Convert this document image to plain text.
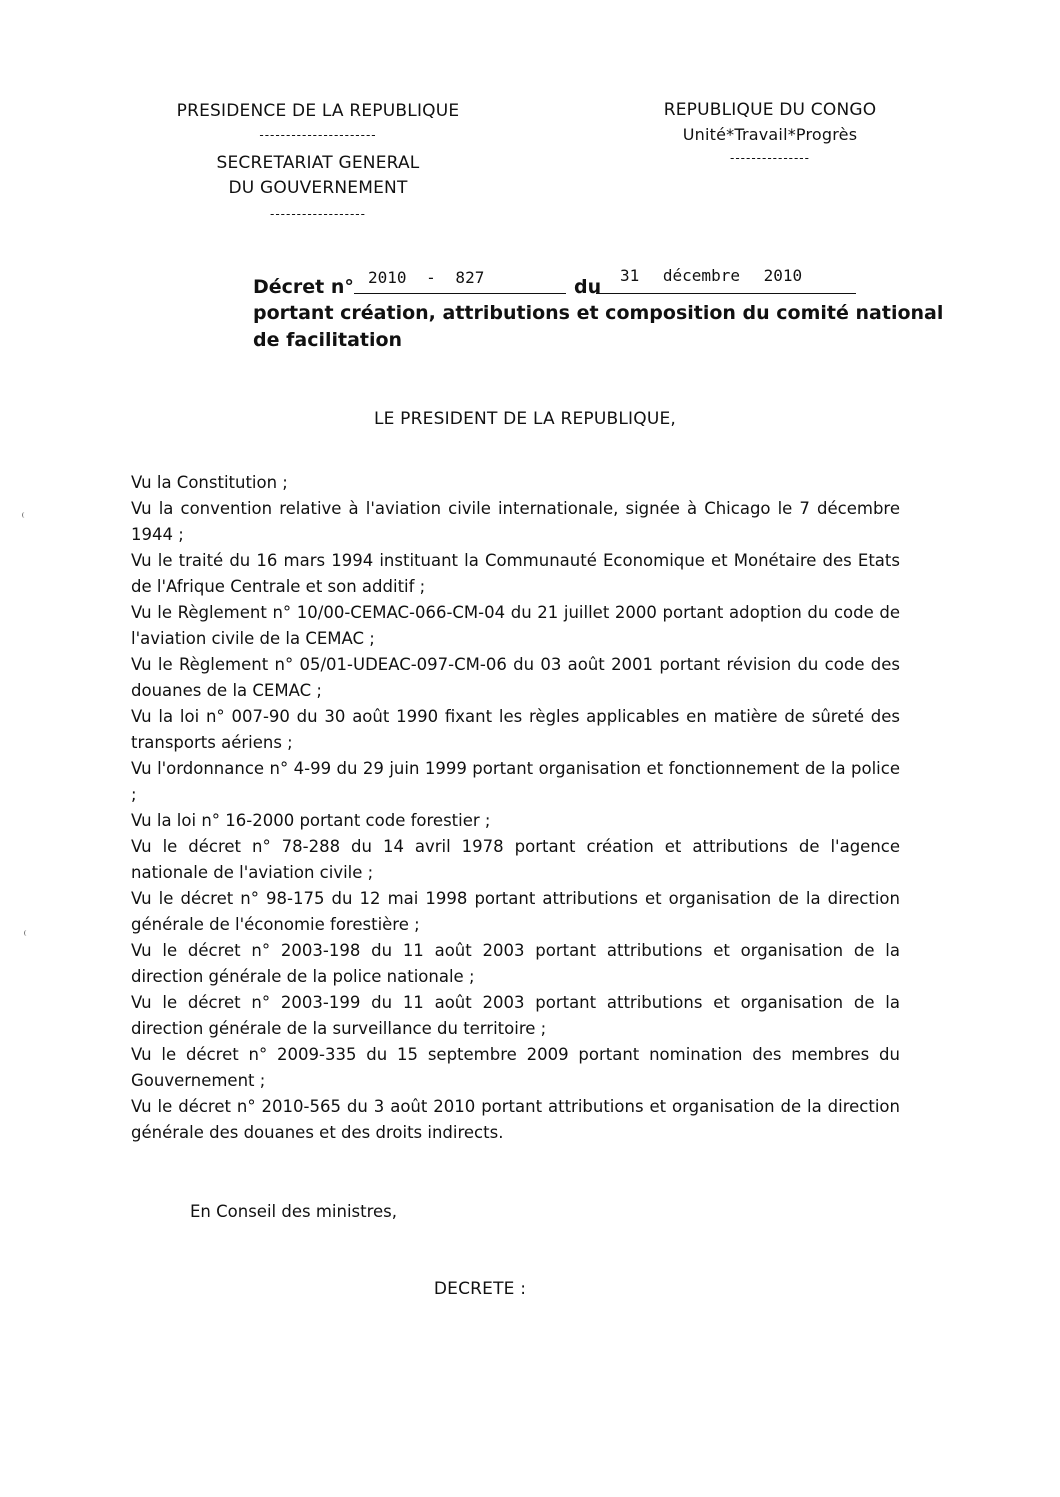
PRESIDENCE DE LA REPUBLIQUE
----------------------
SECRETARIAT GENERAL
DU GOUVERNEMENT
------------------
REPUBLIQUE DU CONGO
Unité*Travail*Progrès
---------------
Décret n° 2010 - 827	du
31 décembre 2010
portant création, attributions et composition du comité national
de facilitation
LE PRESIDENT DE LA REPUBLIQUE,
Vu la Constitution ;
Vu la convention relative à l'aviation civile internationale, signée à Chicago le 7 décembre 1944 ;
Vu le traité du 16 mars 1994 instituant la Communauté Economique et Monétaire des Etats de l'Afrique Centrale et son additif ;
Vu le Règlement n° 10/00-CEMAC-066-CM-04 du 21 juillet 2000 portant adoption du code de l'aviation civile de la CEMAC ;
Vu le Règlement n° 05/01-UDEAC-097-CM-06 du 03 août 2001 portant révision du code des douanes de la CEMAC ;
Vu la loi n° 007-90 du 30 août 1990 fixant les règles applicables en matière de sûreté des transports aériens ;
Vu l'ordonnance n° 4-99 du 29 juin 1999 portant organisation et fonctionnement de la police ;
Vu la loi n° 16-2000 portant code forestier ;
Vu le décret n° 78-288 du 14 avril 1978 portant création et attributions de l'agence nationale de l'aviation civile ;
Vu le décret n° 98-175 du 12 mai 1998 portant attributions et organisation de la direction générale de l'économie forestière ;
Vu le décret n° 2003-198 du 11 août 2003 portant attributions et organisation de la direction générale de la police nationale ;
Vu le décret n° 2003-199 du 11 août 2003 portant attributions et organisation de la direction générale de la surveillance du territoire ;
Vu le décret n° 2009-335 du 15 septembre 2009 portant nomination des membres du Gouvernement ;
Vu le décret n° 2010-565 du 3 août 2010 portant attributions et organisation de la direction générale des douanes et des droits indirects.
En Conseil des ministres,
DECRETE :
